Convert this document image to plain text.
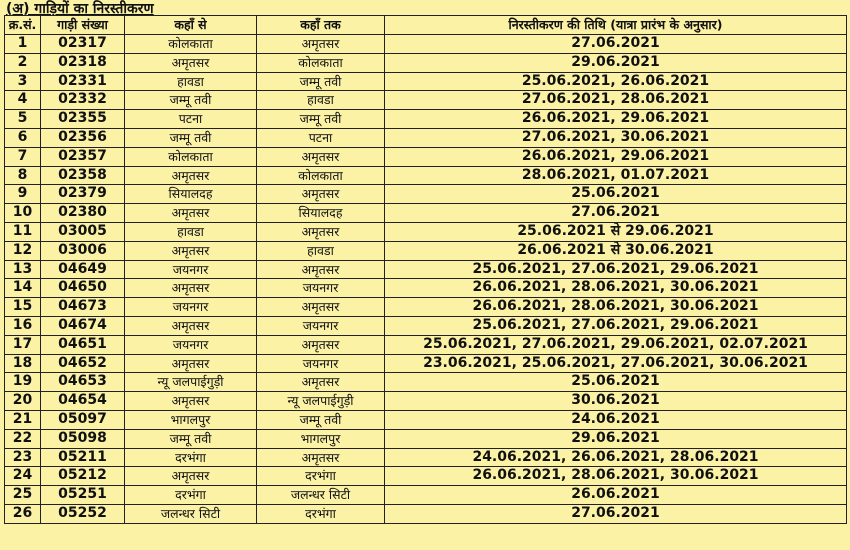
(अ) गाड़ियों का निरस्तीकरण
क्र.सं.	गाड़ी संख्या	कहाँ से	कहाँ तक	निरस्तीकरण की तिथि (यात्रा प्रारंभ के अनुसार)
1	02317	कोलकाता	अमृतसर	27.06.2021
2	02318	अमृतसर	कोलकाता	29.06.2021
3	02331	हावडा	जम्मू तवी	25.06.2021, 26.06.2021
4	02332	जम्मू तवी	हावडा	27.06.2021, 28.06.2021
5	02355	पटना	जम्मू तवी	26.06.2021, 29.06.2021
6	02356	जम्मू तवी	पटना	27.06.2021, 30.06.2021
7	02357	कोलकाता	अमृतसर	26.06.2021, 29.06.2021
8	02358	अमृतसर	कोलकाता	28.06.2021, 01.07.2021
9	02379	सियालदह	अमृतसर	25.06.2021
10	02380	अमृतसर	सियालदह	27.06.2021
11	03005	हावडा	अमृतसर	25.06.2021 से 29.06.2021
12	03006	अमृतसर	हावडा	26.06.2021 से 30.06.2021
13	04649	जयनगर	अमृतसर	25.06.2021, 27.06.2021, 29.06.2021
14	04650	अमृतसर	जयनगर	26.06.2021, 28.06.2021, 30.06.2021
15	04673	जयनगर	अमृतसर	26.06.2021, 28.06.2021, 30.06.2021
16	04674	अमृतसर	जयनगर	25.06.2021, 27.06.2021, 29.06.2021
17	04651	जयनगर	अमृतसर	25.06.2021, 27.06.2021, 29.06.2021, 02.07.2021
18	04652	अमृतसर	जयनगर	23.06.2021, 25.06.2021, 27.06.2021, 30.06.2021
19	04653	न्यू जलपाईगुड़ी	अमृतसर	25.06.2021
20	04654	अमृतसर	न्यू जलपाईगुड़ी	30.06.2021
21	05097	भागलपुर	जम्मू तवी	24.06.2021
22	05098	जम्मू तवी	भागलपुर	29.06.2021
23	05211	दरभंगा	अमृतसर	24.06.2021, 26.06.2021, 28.06.2021
24	05212	अमृतसर	दरभंगा	26.06.2021, 28.06.2021, 30.06.2021
25	05251	दरभंगा	जलन्धर सिटी	26.06.2021
26	05252	जलन्धर सिटी	दरभंगा	27.06.2021
